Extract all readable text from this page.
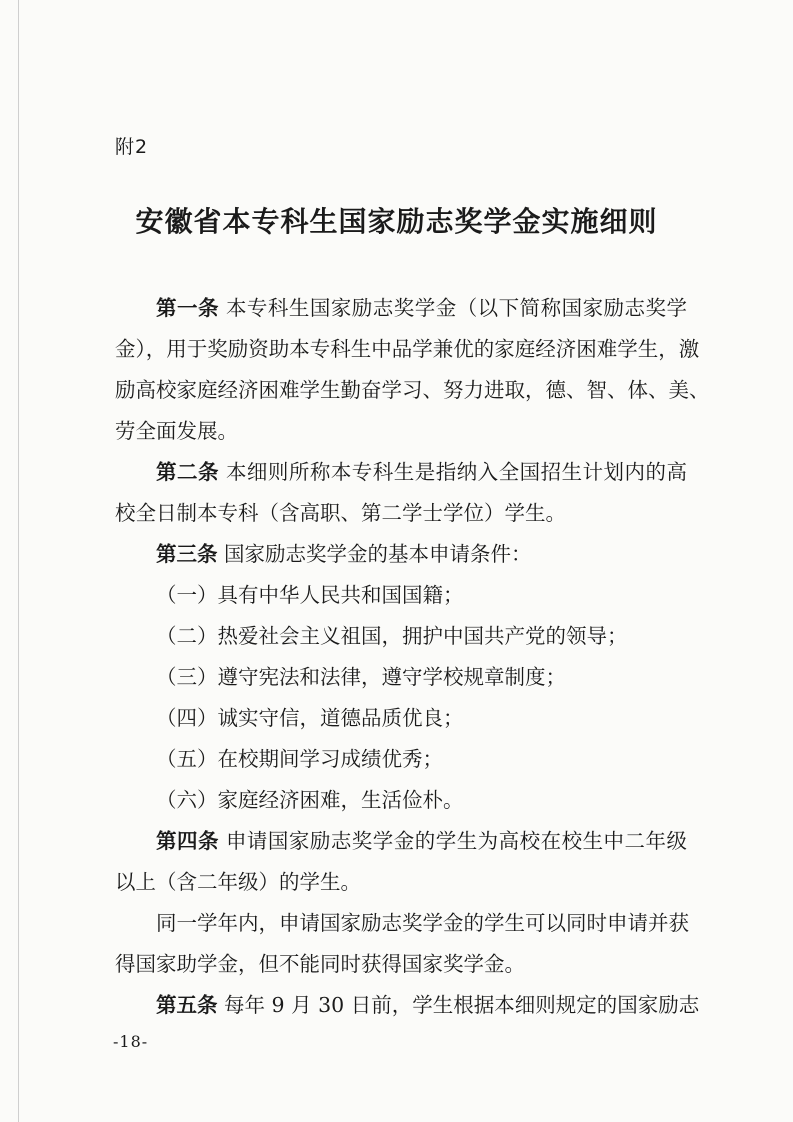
附2
安徽省本专科生国家励志奖学金实施细则
第一条 本专科生国家励志奖学金（以下简称国家励志奖学
金），用于奖励资助本专科生中品学兼优的家庭经济困难学生，激
励高校家庭经济困难学生勤奋学习、努力进取，德、智、体、美、
劳全面发展。
第二条 本细则所称本专科生是指纳入全国招生计划内的高
校全日制本专科（含高职、第二学士学位）学生。
第三条 国家励志奖学金的基本申请条件：
（一）具有中华人民共和国国籍；
（二）热爱社会主义祖国，拥护中国共产党的领导；
（三）遵守宪法和法律，遵守学校规章制度；
（四）诚实守信，道德品质优良；
（五）在校期间学习成绩优秀；
（六）家庭经济困难，生活俭朴。
第四条 申请国家励志奖学金的学生为高校在校生中二年级
以上（含二年级）的学生。
同一学年内，申请国家励志奖学金的学生可以同时申请并获
得国家助学金，但不能同时获得国家奖学金。
第五条 每年 9 月 30 日前，学生根据本细则规定的国家励志
-18-
